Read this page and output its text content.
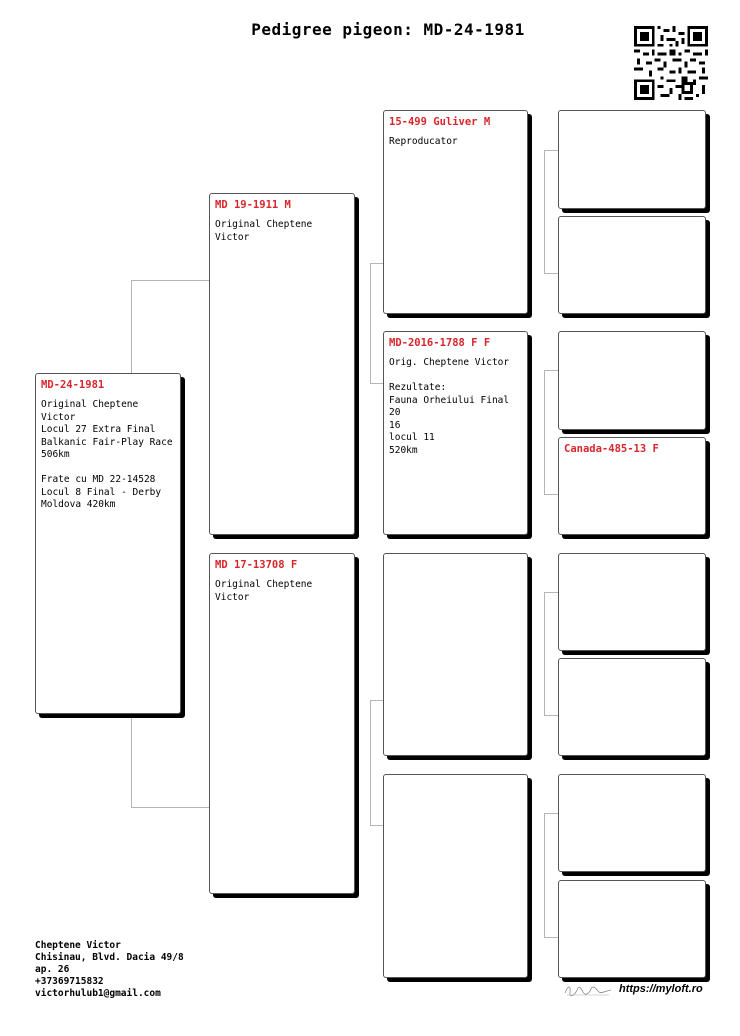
Pedigree pigeon: MD-24-1981
MD-24-1981
Original Cheptene Victor
Locul 27 Extra Final
Balkanic Fair-Play Race
506km

Frate cu MD 22-14528
Locul 8 Final - Derby
Moldova 420km
MD 19-1911 M
Original Cheptene Victor
MD 17-13708 F
Original Cheptene Victor
15-499 Guliver M
Reproducator
MD-2016-1788 F F
Orig. Cheptene Victor

Rezultate:
Fauna Orheiului Final 20
16
locul 11
520km	Canada-485-13 F
Cheptene Victor
Chisinau, Blvd. Dacia 49/8
ap. 26
+37369715832
victorhulub1@gmail.com	https://myloft.ro
